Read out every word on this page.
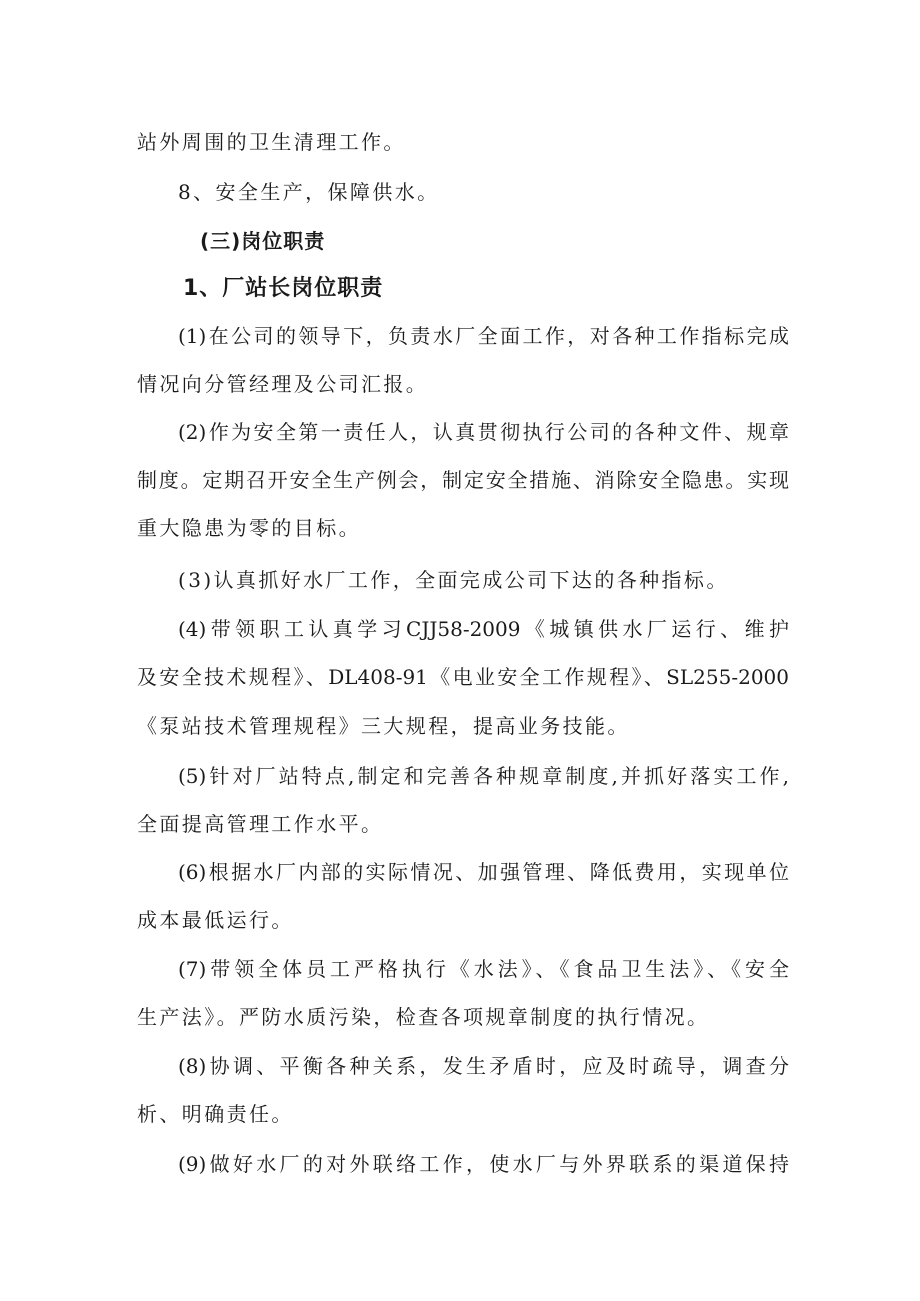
站外周围的卫生清理工作。
8、安全生产，保障供水。
(三)岗位职责
1、厂站长岗位职责
(1)在公司的领导下，负责水厂全面工作，对各种工作指标完成
情况向分管经理及公司汇报。
(2)作为安全第一责任人，认真贯彻执行公司的各种文件、规章
制度。定期召开安全生产例会，制定安全措施、消除安全隐患。实现
重大隐患为零的目标。
(3)认真抓好水厂工作，全面完成公司下达的各种指标。
(4)带领职工认真学习CJJ58-2009《城镇供水厂运行、维护
及安全技术规程》、DL408-91《电业安全工作规程》、SL255-2000
《泵站技术管理规程》三大规程，提高业务技能。
(5)针对厂站特点,制定和完善各种规章制度,并抓好落实工作,
全面提高管理工作水平。
(6)根据水厂内部的实际情况、加强管理、降低费用，实现单位
成本最低运行。
(7)带领全体员工严格执行《水法》、《食品卫生法》、《安全
生产法》。严防水质污染，检查各项规章制度的执行情况。
(8)协调、平衡各种关系，发生矛盾时，应及时疏导，调查分
析、明确责任。
(9)做好水厂的对外联络工作，使水厂与外界联系的渠道保持
